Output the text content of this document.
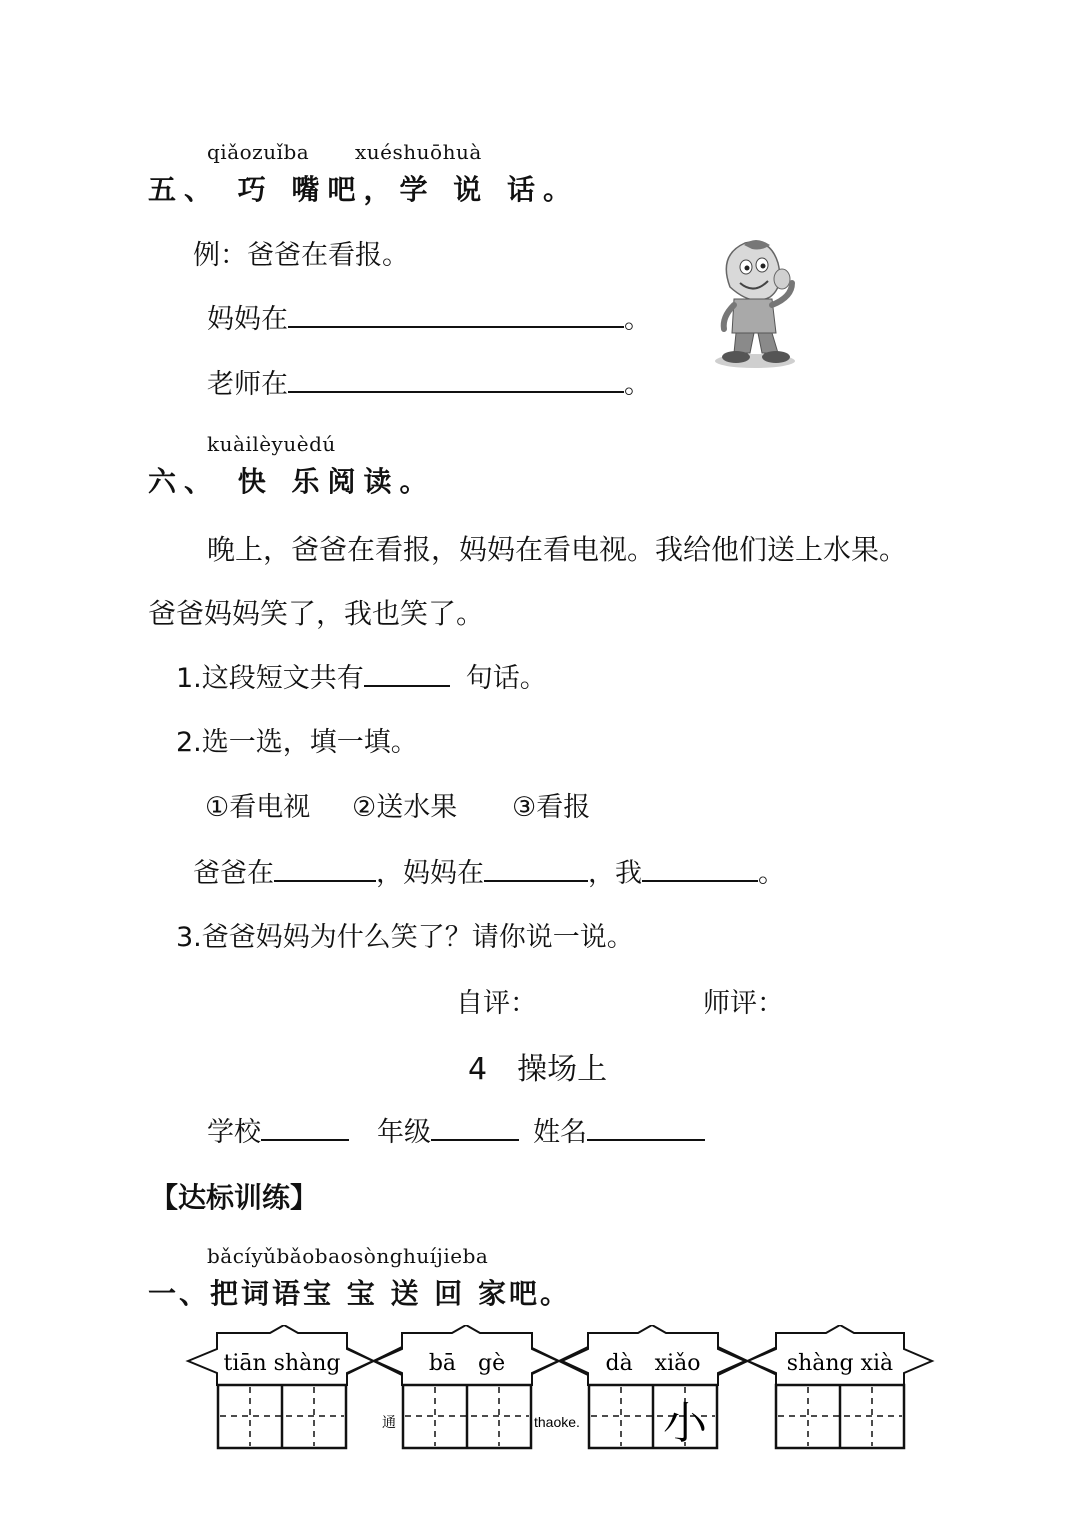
qiǎozuǐba xuéshuōhuà
五、 巧 嘴吧，学 说 话。
例：爸爸在看报。
妈妈在	。
老师在	。
kuàilèyuèdú
六、 快 乐阅读。
晚上，爸爸在看报，妈妈在看电视。我给他们送上水果。
爸爸妈妈笑了，我也笑了。
1.这段短文共有	句话。
2.选一选，填一填。
①看电视 ②送水果 ③看报
爸爸在	，妈妈在	，我	。
3.爸爸妈妈为什么笑了？请你说一说。
自评：	师评：
4　操场上
学校	年级	姓名
【达标训练】
bǎcíyǔbǎobaosònghuíjieba
一、把词语宝 宝 送 回 家吧。
tiān shàng	bā　gè	dà　xiǎo
小
shàng xià
通	thaoke.
